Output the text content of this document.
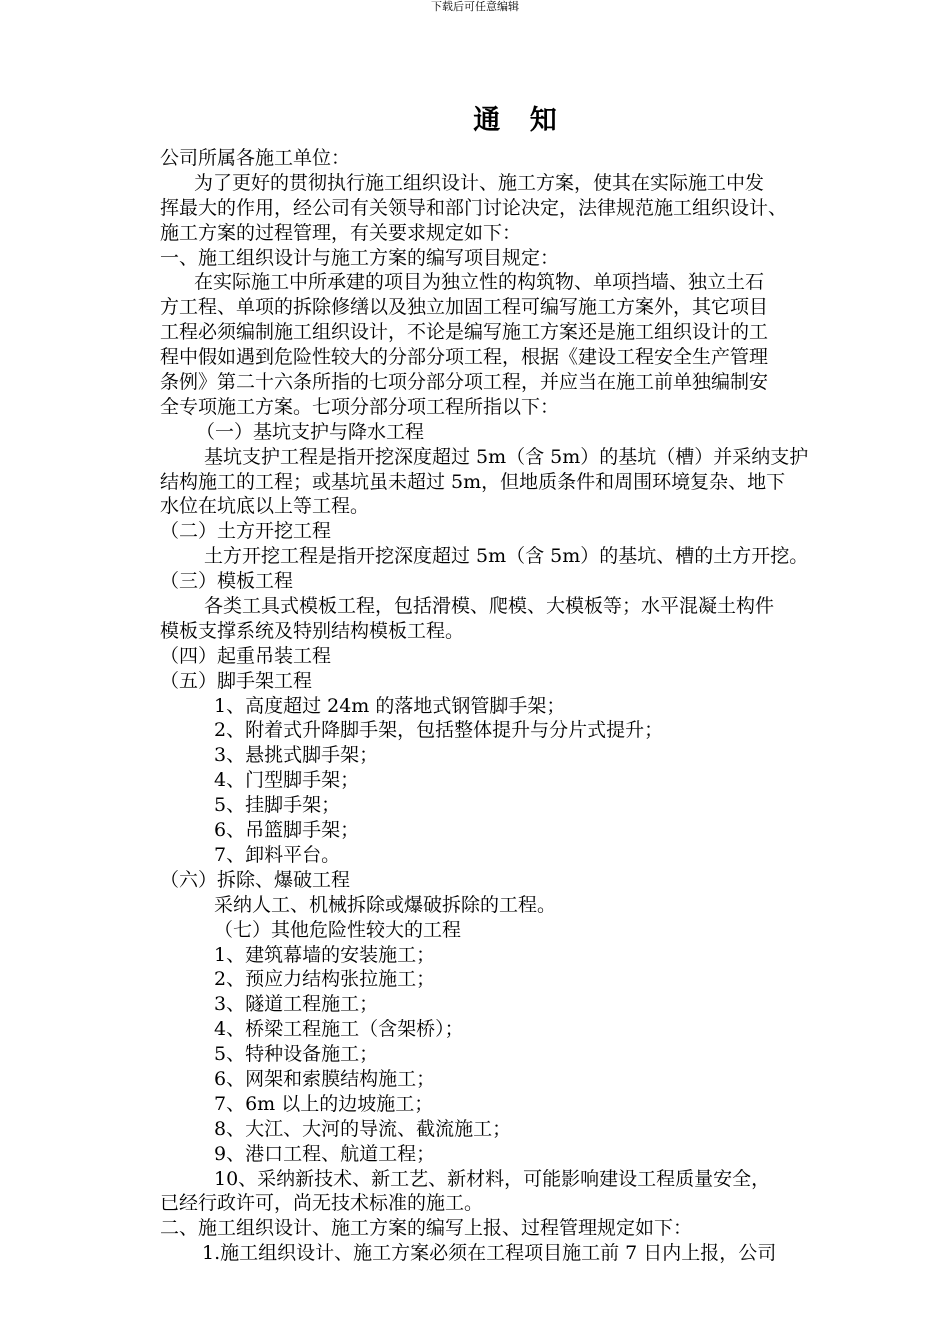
下载后可任意编辑
通 知
公司所属各施工单位：
为了更好的贯彻执行施工组织设计、施工方案，使其在实际施工中发
挥最大的作用，经公司有关领导和部门讨论决定，法律规范施工组织设计、
施工方案的过程管理，有关要求规定如下：
一、施工组织设计与施工方案的编写项目规定：
在实际施工中所承建的项目为独立性的构筑物、单项挡墙、独立土石
方工程、单项的拆除修缮以及独立加固工程可编写施工方案外，其它项目
工程必须编制施工组织设计，不论是编写施工方案还是施工组织设计的工
程中假如遇到危险性较大的分部分项工程，根据《建设工程安全生产管理
条例》第二十六条所指的七项分部分项工程，并应当在施工前单独编制安
全专项施工方案。七项分部分项工程所指以下：
（一）基坑支护与降水工程
基坑支护工程是指开挖深度超过 5m（含 5m）的基坑（槽）并采纳支护
结构施工的工程；或基坑虽未超过 5m，但地质条件和周围环境复杂、地下
水位在坑底以上等工程。
（二）土方开挖工程
土方开挖工程是指开挖深度超过 5m（含 5m）的基坑、槽的土方开挖。
（三）模板工程
各类工具式模板工程，包括滑模、爬模、大模板等；水平混凝土构件
模板支撑系统及特别结构模板工程。
（四）起重吊装工程
（五）脚手架工程
1、高度超过 24m 的落地式钢管脚手架；
2、附着式升降脚手架，包括整体提升与分片式提升；
3、悬挑式脚手架；
4、门型脚手架；
5、挂脚手架；
6、吊篮脚手架；
7、卸料平台。
（六）拆除、爆破工程
采纳人工、机械拆除或爆破拆除的工程。
（七）其他危险性较大的工程
1、建筑幕墙的安装施工；
2、预应力结构张拉施工；
3、隧道工程施工；
4、桥梁工程施工（含架桥）；
5、特种设备施工；
6、网架和索膜结构施工；
7、6m 以上的边坡施工；
8、大江、大河的导流、截流施工；
9、港口工程、航道工程；
10、采纳新技术、新工艺、新材料，可能影响建设工程质量安全，
已经行政许可，尚无技术标准的施工。
二、施工组织设计、施工方案的编写上报、过程管理规定如下：
1.施工组织设计、施工方案必须在工程项目施工前 7 日内上报，公司
